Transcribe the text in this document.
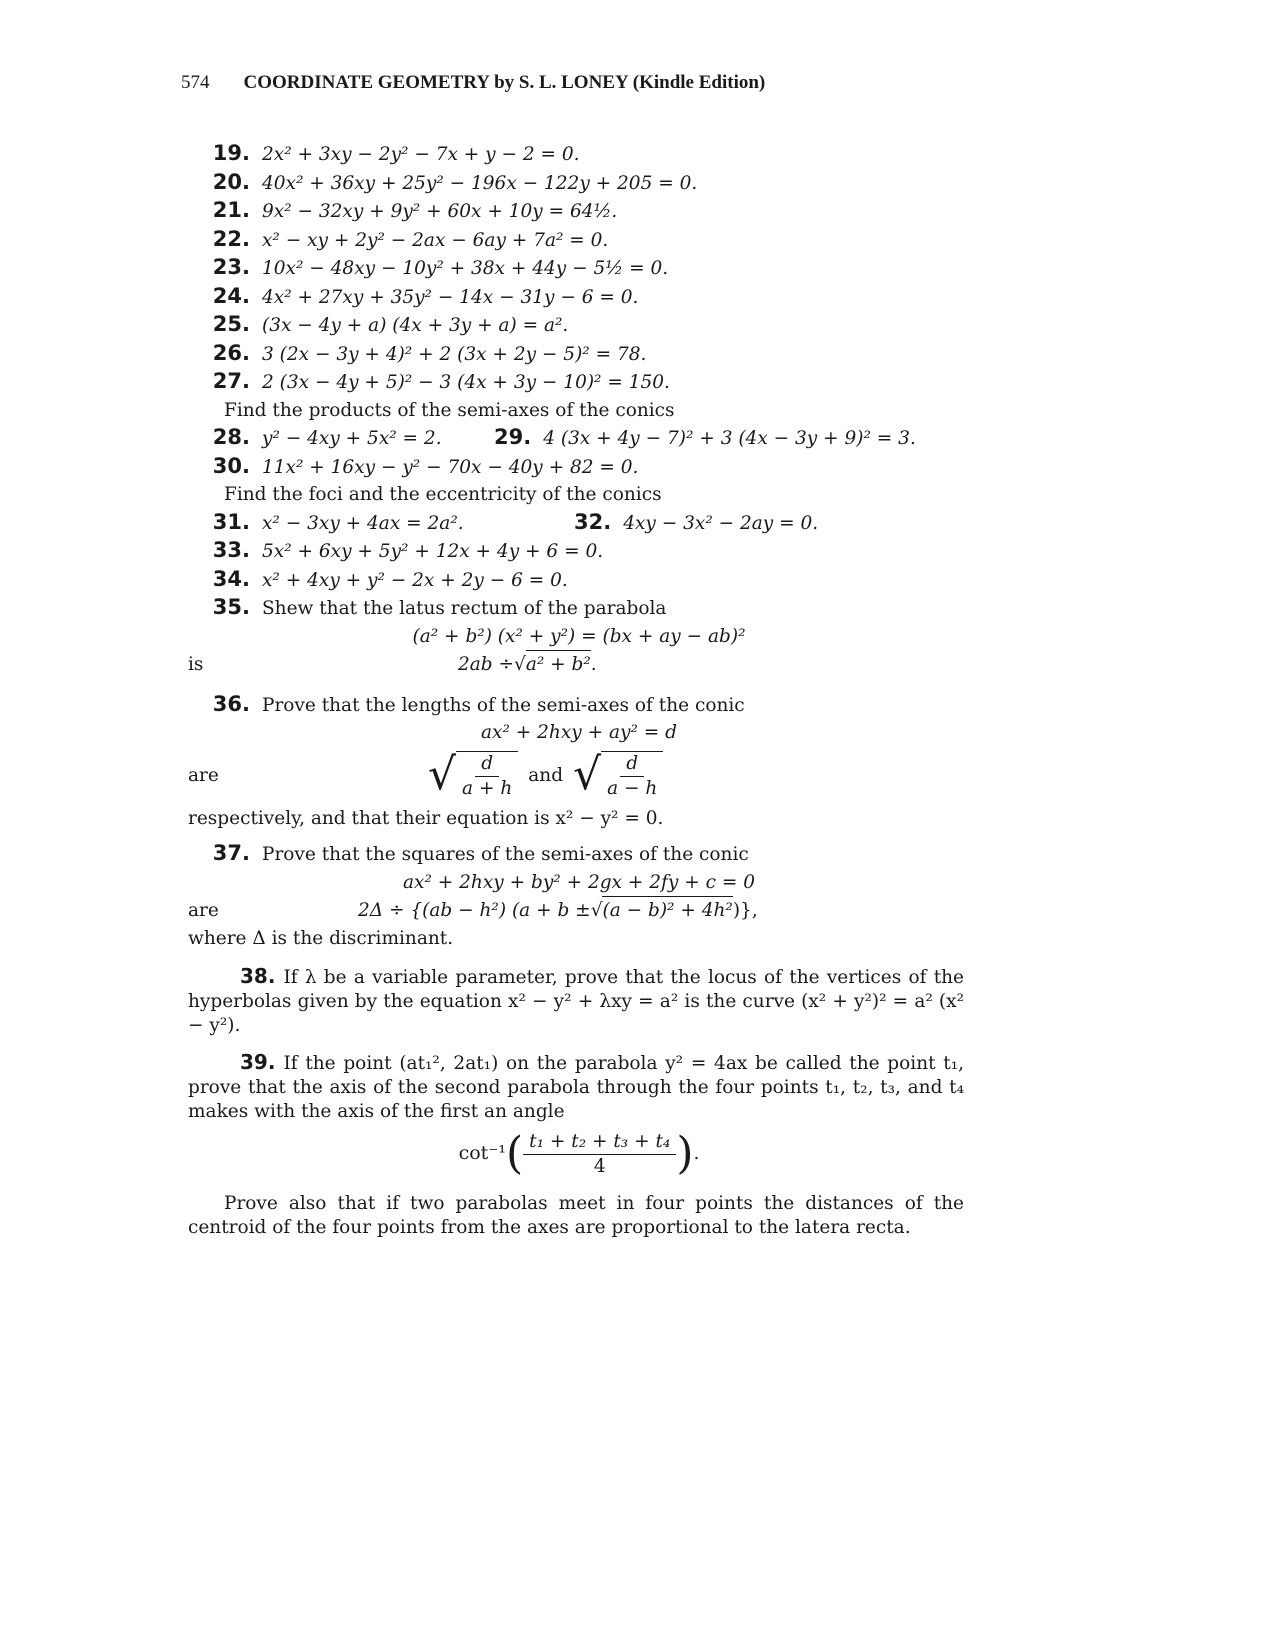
574 COORDINATE GEOMETRY by S. L. LONEY (Kindle Edition)
19. 2x² + 3xy − 2y² − 7x + y − 2 = 0.
20. 40x² + 36xy + 25y² − 196x − 122y + 205 = 0.
21. 9x² − 32xy + 9y² + 60x + 10y = 64½.
22. x² − xy + 2y² − 2ax − 6ay + 7a² = 0.
23. 10x² − 48xy − 10y² + 38x + 44y − 5½ = 0.
24. 4x² + 27xy + 35y² − 14x − 31y − 6 = 0.
25. (3x − 4y + a) (4x + 3y + a) = a².
26. 3 (2x − 3y + 4)² + 2 (3x + 2y − 5)² = 78.
27. 2 (3x − 4y + 5)² − 3 (4x + 3y − 10)² = 150.
Find the products of the semi-axes of the conics
28. y² − 4xy + 5x² = 2.	29. 4 (3x + 4y − 7)² + 3 (4x − 3y + 9)² = 3.
30. 11x² + 16xy − y² − 70x − 40y + 82 = 0.
Find the foci and the eccentricity of the conics
31. x² − 3xy + 4ax = 2a².	32. 4xy − 3x² − 2ay = 0.
33. 5x² + 6xy + 5y² + 12x + 4y + 6 = 0.
34. x² + 4xy + y² − 2x + 2y − 6 = 0.
35. Shew that the latus rectum of the parabola
(a² + b²) (x² + y²) = (bx + ay − ab)²
is	2ab ÷ √ a² + b² .
36. Prove that the lengths of the semi-axes of the conic
ax² + 2hxy + ay² = d
are	√ $\frac{d}{a + h}$ and √ $\frac{d}{a - h}$
respectively, and that their equation is x² − y² = 0.
37. Prove that the squares of the semi-axes of the conic
ax² + 2hxy + by² + 2gx + 2fy + c = 0
are	2Δ ÷ {(ab − h²) (a + b ± √ (a − b)² + 4h² )},
where Δ is the discriminant.
38. If λ be a variable parameter, prove that the locus of the vertices of the hyperbolas given by the equation x² − y² + λxy = a² is the curve (x² + y²)² = a² (x² − y²).
39. If the point (at₁², 2at₁) on the parabola y² = 4ax be called the point t₁, prove that the axis of the second parabola through the four points t₁, t₂, t₃, and t₄ makes with the axis of the first an angle
cot⁻¹ ( $\frac{\text{t₁ + t₂ + t₃ + t₄}}{4}$ ) .
Prove also that if two parabolas meet in four points the distances of the centroid of the four points from the axes are proportional to the latera recta.
